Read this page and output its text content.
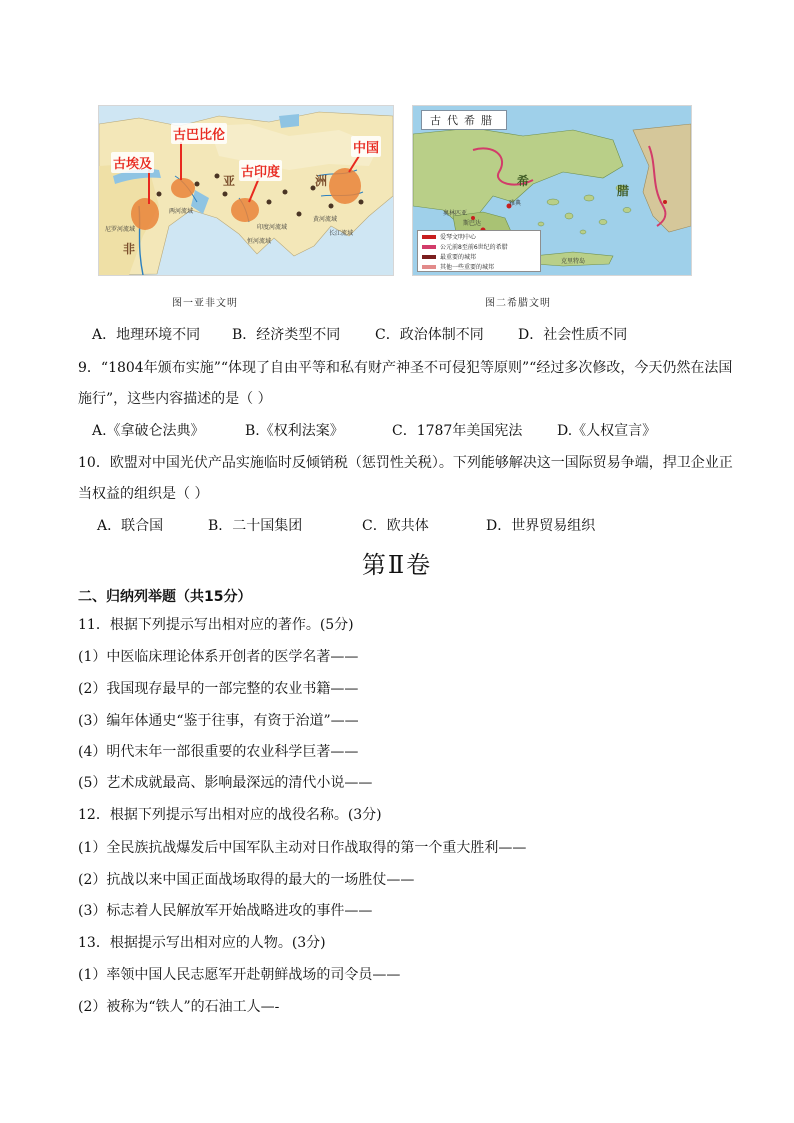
古埃及
古巴比伦
古印度
中国
亚	洲
非
尼罗河流域
两河流域
印度河流域
黄河流域
恒河流域
长江流域
图一亚非文明
古代希腊
希
腊
雅典
奥林匹亚
斯巴达
克里特岛
爱琴文明中心
公元前8至前6世纪的希腊
最重要的城邦
其他一些重要的城邦
图二希腊文明
A．地理环境不同 B．经济类型不同 C．政治体制不同 D．社会性质不同
9．“1804年颁布实施”“体现了自由平等和私有财产神圣不可侵犯等原则”“经过多次修改，今天仍然在法国
施行”，这些内容描述的是（ ）
A.《拿破仑法典》	B.《权利法案》	C．1787年美国宪法 D.《人权宣言》
10．欧盟对中国光伏产品实施临时反倾销税（惩罚性关税）。下列能够解决这一国际贸易争端，捍卫企业正
当权益的组织是（ ）
A．联合国	B．二十国集团	C．欧共体	D．世界贸易组织
第Ⅱ卷
二、归纳列举题（共15分）
11．根据下列提示写出相对应的著作。(5分)
(1）中医临床理论体系开创者的医学名著——
(2）我国现存最早的一部完整的农业书籍——
(3）编年体通史“鉴于往事，有资于治道”——
(4）明代末年一部很重要的农业科学巨著——
(5）艺术成就最高、影响最深远的清代小说——
12．根据下列提示写出相对应的战役名称。(3分)
(1）全民族抗战爆发后中国军队主动对日作战取得的第一个重大胜利——
(2）抗战以来中国正面战场取得的最大的一场胜仗——
(3）标志着人民解放军开始战略进攻的事件——
13．根据提示写出相对应的人物。(3分)
(1）率领中国人民志愿军开赴朝鲜战场的司令员——
(2）被称为“铁人”的石油工人—-
